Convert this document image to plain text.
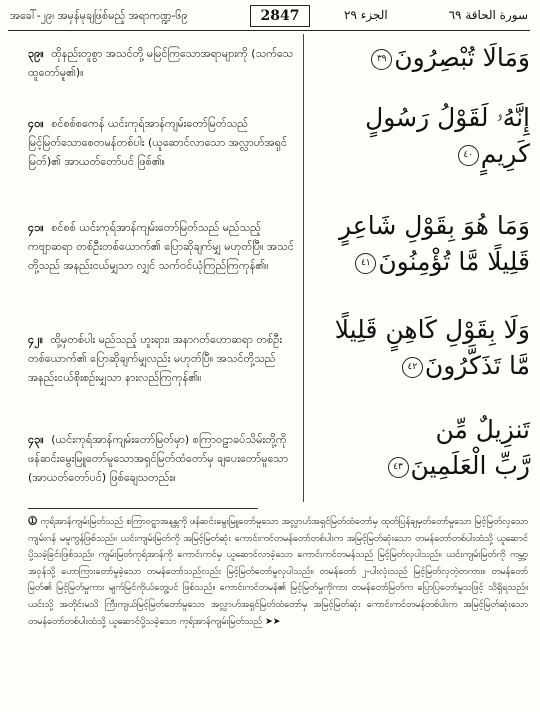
အခေါ်-၂၉၊ အမှန်မုချဖြစ်မည့် အရာကဏ္ဍ-၆၉	2847	الجزء ٢٩	سورة الحاقة ٦٩
၃၉။ ထိုနည်းတူစွာ အသင်တို့ မမြင်ကြသောအရာများကို (သက်သေထူတော်မူ၏)။
၄၀။ စင်စစ်စကေန် ယင်းကုရ်အာန်ကျမ်းတော်မြတ်သည် မြင့်မြတ်သောစေတမန်တစ်ပါး (ယူဆောင်လာသော အလ္လာဟ်အရှင်မြတ်)၏ အာယတ်တော်ပင် ဖြစ်၏။
၄၁။ စင်စစ် ယင်းကုရ်အာန်ကျမ်းတော်မြတ်သည် မည်သည့်ကဗျာဆရာ တစ်ဦးတစ်ယောက်၏ ပြောဆိုချက်မျှ မဟုတ်ပြီ။ အသင်တို့သည် အနည်းငယ်မျှသာ လျှင် သက်ဝင်ယုံကြည်ကြကုန်၏။
၄၂။ ထို့မှတစ်ပါး မည်သည့် ဟူးရား၊ အနာဂတ်ဟောဆရာ တစ်ဦးတစ်ယောက်၏ ပြောဆိုချက်မျှလည်း မဟုတ်ပြီ။ အသင်တို့သည် အနည်းငယ်စိုးစဉ်းမျှသာ နားလည်ကြကုန်၏။
၄၃။ (ယင်းကုရ်အာန်ကျမ်းတော်မြတ်မှာ) စကြာဝဠာခပ်သိမ်းတို့ကို ဖန်ဆင်းမွေးမြူတော်မူသောအရှင်မြတ်ထံတော်မှ ချပေးတော်မူသော (အာယတ်တော်ပင်) ဖြစ်ချေသတည်း။
وَمَالَا تُبْصِرُونَ٣٩
إِنَّهُۥ لَقَوْلُ رَسُولٍ
كَرِيمٍ٤٠
وَمَا هُوَ بِقَوْلِ شَاعِرٍ
قَلِيلًا مَّا تُؤْمِنُونَ٤١
وَلَا بِقَوْلِ كَاهِنٍ قَلِيلًا
مَّا تَذَكَّرُونَ٤٢
تَنزِيلٌ مِّن
رَّبِّ الْعَلَمِينَ٤٣
⓵ ကုရ်အာန်ကျမ်းမြတ်သည် စကြာဝဠာအနန္တကို ဖန်ဆင်းမွေးမြူတော်မူသော အလ္လာဟ်အရှင်မြတ်ထံတော်မှ ထုတ်ပြန်ချမှတ်တော်မူသော မြင့်မြတ်လှသော ကျမ်းဂန် မမူကွန်ဖြစ်သည်။ ယင်းကျမ်းမြတ်ကို အမြင့်မြတ်ဆုံး ကောင်းကင်တမန်တော်တစ်ပါးက အမြင့်မြတ်ဆုံးသော တမန်တော်တစ်ပါးထံသို့ ယူဆောင်ပို့သခဲ့ခြင်းဖြစ်သည်။ ကျမ်းမြတ်ကုရ်အာန်ကို ကောင်းကင်မှ ယူဆောင်လာခဲ့သော ကောင်းကင်တမန်သည် မြင့်မြတ်လှပါသည်။ ယင်းကျမ်းမြတ်ကို ကမ္ဘာ့အဝှန်သို့ ဟောကြားတော်မူခဲ့သော တမန်တော်သည်လည်း မြင့်မြတ်တော်မူလှပါသည်။ တမန်တော် ၂-ပါးလုံးသည် မြင့်မြတ်လှတဲ့တကား။ တမန်တော်မြတ်၏ မြင့်မြတ်မှုကား မျက်မြင်ကိုယ်တွေ့ပင် ဖြစ်သည်။ ကောင်းကင်တမန်၏ မြင့်မြတ်မှုကိုကား တမန်တော်မြတ်က ပြောပြတော်မူသဖြင့် သိရှိရသည်။ ယင်းသို့ အတိုင်းမသိ ကြီးကျယ်မြင့်မြတ်တော်မူသော အလ္လာဟ်အရှင်မြတ်ထံတော်မှ အမြင့်မြတ်ဆုံး ကောင်းကင်တမန်တစ်ပါးက အမြင့်မြတ်ဆုံးသော တမန်တော်တစ်ပါးထံသို့ ယူဆောင်ပို့သခဲ့သော ကုရ်အာန်ကျမ်းမြတ်သည် ➤➤
